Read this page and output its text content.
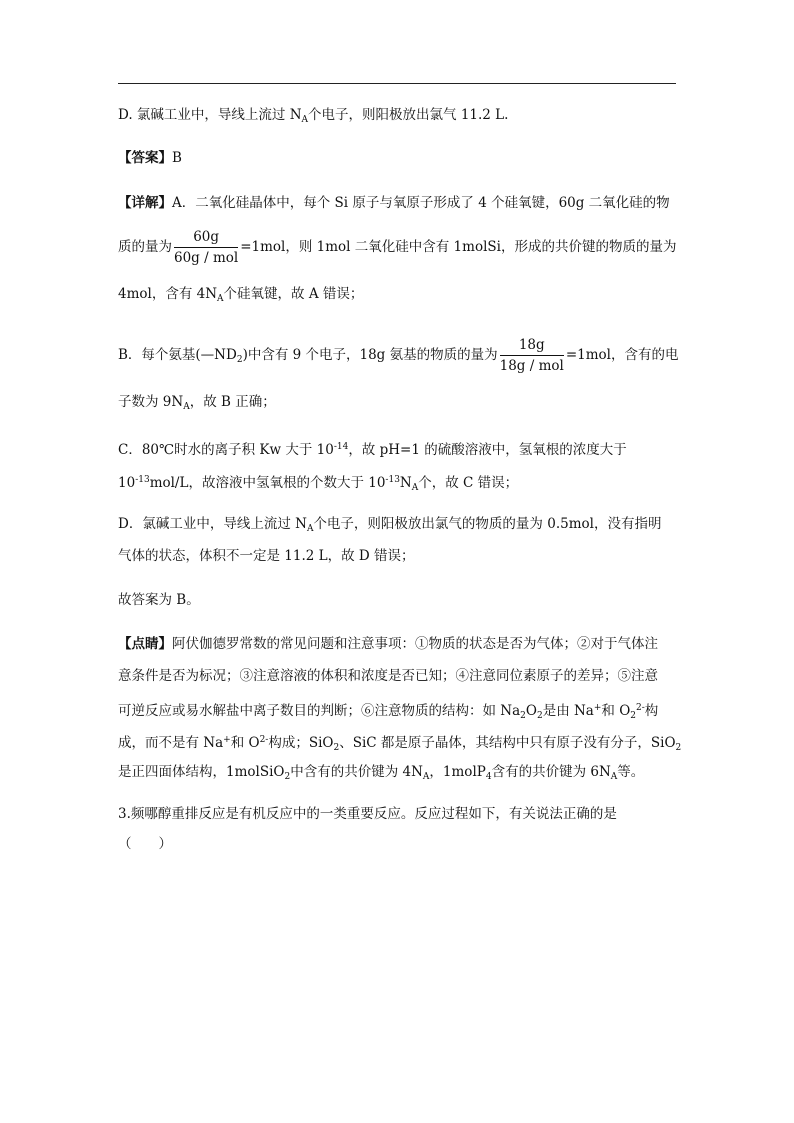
D. 氯碱工业中，导线上流过 $N_A$个电子，则阳极放出氯气 11.2 L.
【答案】B
【详解】A．二氧化硅晶体中，每个 Si 原子与氧原子形成了 4 个硅氧键，60g 二氧化硅的物
质的量为 $\frac{60g}{\text{60g / mol}} =1mol$，则 1mol 二氧化硅中含有 1molSi，形成的共价键的物质的量为
4mol，含有 $4N_A$个硅氧键，故 A 错误；
B．每个氨基$(—ND_2)$中含有 9 个电子，18g 氨基的物质的量为 $\frac{18g}{\text{18g / mol}} =1mol$，含有的电
子数为 $9N_A$，故 B 正确；
C．80℃时水的离子积 Kw 大于 $10^{-14}$，故 pH=1 的硫酸溶液中，氢氧根的浓度大于
$10^{-13}mol/L$，故溶液中氢氧根的个数大于 $10^{-13}N_A$个，故 C 错误；
D．氯碱工业中，导线上流过 $N_A$个电子，则阳极放出氯气的物质的量为 0.5mol，没有指明
气体的状态，体积不一定是 11.2 L，故 D 错误；
故答案为 B。
【点睛】阿伏伽德罗常数的常见问题和注意事项：①物质的状态是否为气体；②对于气体注
意条件是否为标况；③注意溶液的体积和浓度是否已知；④注意同位素原子的差异；⑤注意
可逆反应或易水解盐中离子数目的判断；⑥注意物质的结构：如 $Na_2O_2$是由 Na+和 $O_2^{2-}$构
成，而不是有 Na+和 $O^{2-}$构成；SiO$_2$、SiC 都是原子晶体，其结构中只有原子没有分子，SiO$_2$
是正四面体结构，1molSiO$_2$中含有的共价键为 $4N_A$，1molP$_4$含有的共价键为 $6N_A$等。
3.频哪醇重排反应是有机反应中的一类重要反应。反应过程如下，有关说法正确的是
（　　）
